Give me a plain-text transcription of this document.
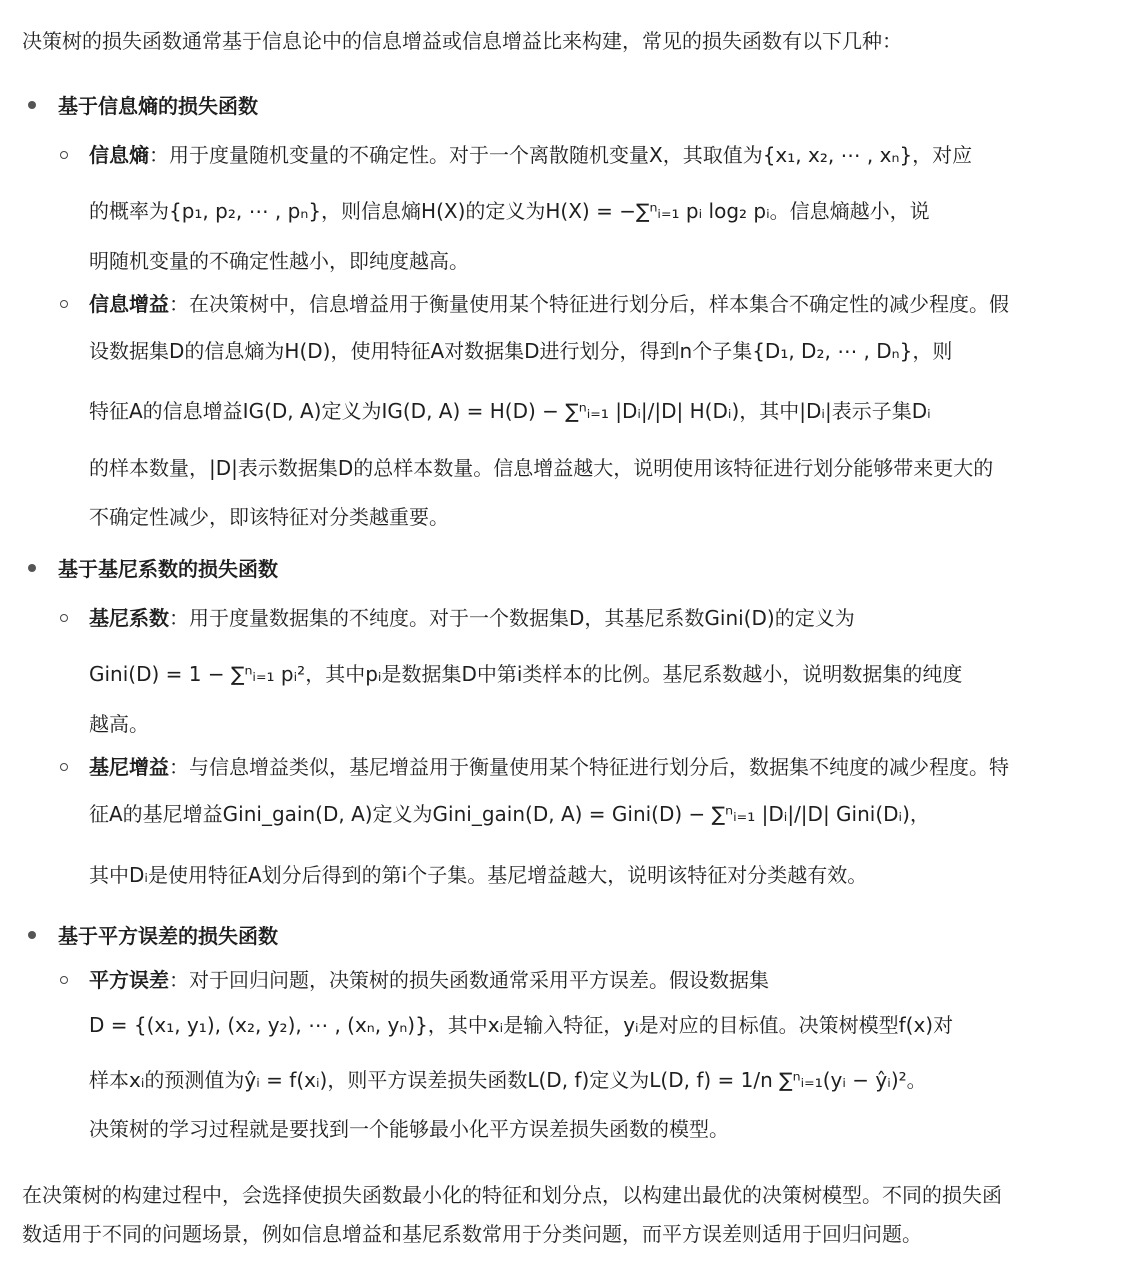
决策树的损失函数通常基于信息论中的信息增益或信息增益比来构建，常见的损失函数有以下几种：
基于信息熵的损失函数
信息熵：用于度量随机变量的不确定性。对于一个离散随机变量X，其取值为{x₁, x₂, ⋯ , xₙ}，对应
的概率为{p₁, p₂, ⋯ , pₙ}，则信息熵H(X)的定义为H(X) = −∑ⁿᵢ₌₁ pᵢ log₂ pᵢ。信息熵越小，说
明随机变量的不确定性越小，即纯度越高。
信息增益：在决策树中，信息增益用于衡量使用某个特征进行划分后，样本集合不确定性的减少程度。假
设数据集D的信息熵为H(D)，使用特征A对数据集D进行划分，得到n个子集{D₁, D₂, ⋯ , Dₙ}，则
特征A的信息增益IG(D, A)定义为IG(D, A) = H(D) − ∑ⁿᵢ₌₁ |Dᵢ|/|D| H(Dᵢ)，其中|Dᵢ|表示子集Dᵢ
的样本数量，|D|表示数据集D的总样本数量。信息增益越大，说明使用该特征进行划分能够带来更大的
不确定性减少，即该特征对分类越重要。
基于基尼系数的损失函数
基尼系数：用于度量数据集的不纯度。对于一个数据集D，其基尼系数Gini(D)的定义为
Gini(D) = 1 − ∑ⁿᵢ₌₁ pᵢ²，其中pᵢ是数据集D中第i类样本的比例。基尼系数越小，说明数据集的纯度
越高。
基尼增益：与信息增益类似，基尼增益用于衡量使用某个特征进行划分后，数据集不纯度的减少程度。特
征A的基尼增益Gini_gain(D, A)定义为Gini_gain(D, A) = Gini(D) − ∑ⁿᵢ₌₁ |Dᵢ|/|D| Gini(Dᵢ)，
其中Dᵢ是使用特征A划分后得到的第i个子集。基尼增益越大，说明该特征对分类越有效。
基于平方误差的损失函数
平方误差：对于回归问题，决策树的损失函数通常采用平方误差。假设数据集
D = {(x₁, y₁), (x₂, y₂), ⋯ , (xₙ, yₙ)}，其中xᵢ是输入特征，yᵢ是对应的目标值。决策树模型f(x)对
样本xᵢ的预测值为ŷᵢ = f(xᵢ)，则平方误差损失函数L(D, f)定义为L(D, f) = 1/n ∑ⁿᵢ₌₁(yᵢ − ŷᵢ)²。
决策树的学习过程就是要找到一个能够最小化平方误差损失函数的模型。
在决策树的构建过程中，会选择使损失函数最小化的特征和划分点，以构建出最优的决策树模型。不同的损失函
数适用于不同的问题场景，例如信息增益和基尼系数常用于分类问题，而平方误差则适用于回归问题。
